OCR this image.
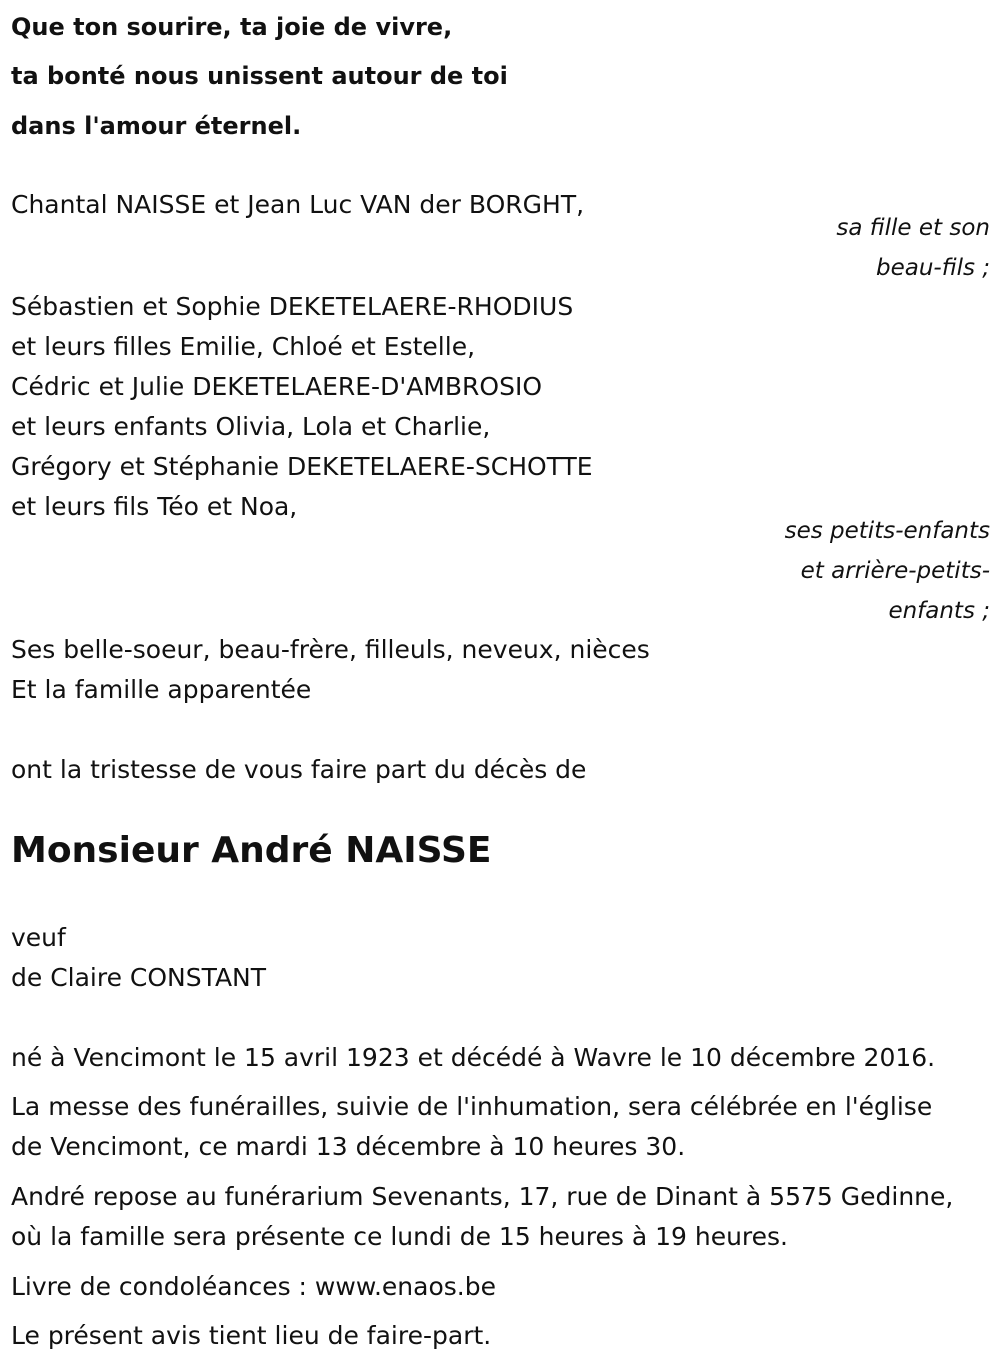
Que ton sourire, ta joie de vivre,
ta bonté nous unissent autour de toi
dans l'amour éternel.
Chantal NAISSE et Jean Luc VAN der BORGHT,
sa fille et son
beau-fils ;
Sébastien et Sophie DEKETELAERE-RHODIUS
et leurs filles Emilie, Chloé et Estelle,
Cédric et Julie DEKETELAERE-D'AMBROSIO
et leurs enfants Olivia, Lola et Charlie,
Grégory et Stéphanie DEKETELAERE-SCHOTTE
et leurs fils Téo et Noa,
ses petits-enfants
et arrière-petits-
enfants ;
Ses belle-soeur, beau-frère, filleuls, neveux, nièces
Et la famille apparentée
ont la tristesse de vous faire part du décès de
Monsieur André NAISSE
veuf
de Claire CONSTANT
né à Vencimont le 15 avril 1923 et décédé à Wavre le 10 décembre 2016.
La messe des funérailles, suivie de l'inhumation, sera célébrée en l'église
de Vencimont, ce mardi 13 décembre à 10 heures 30.
André repose au funérarium Sevenants, 17, rue de Dinant à 5575 Gedinne,
où la famille sera présente ce lundi de 15 heures à 19 heures.
Livre de condoléances : www.enaos.be
Le présent avis tient lieu de faire-part.
